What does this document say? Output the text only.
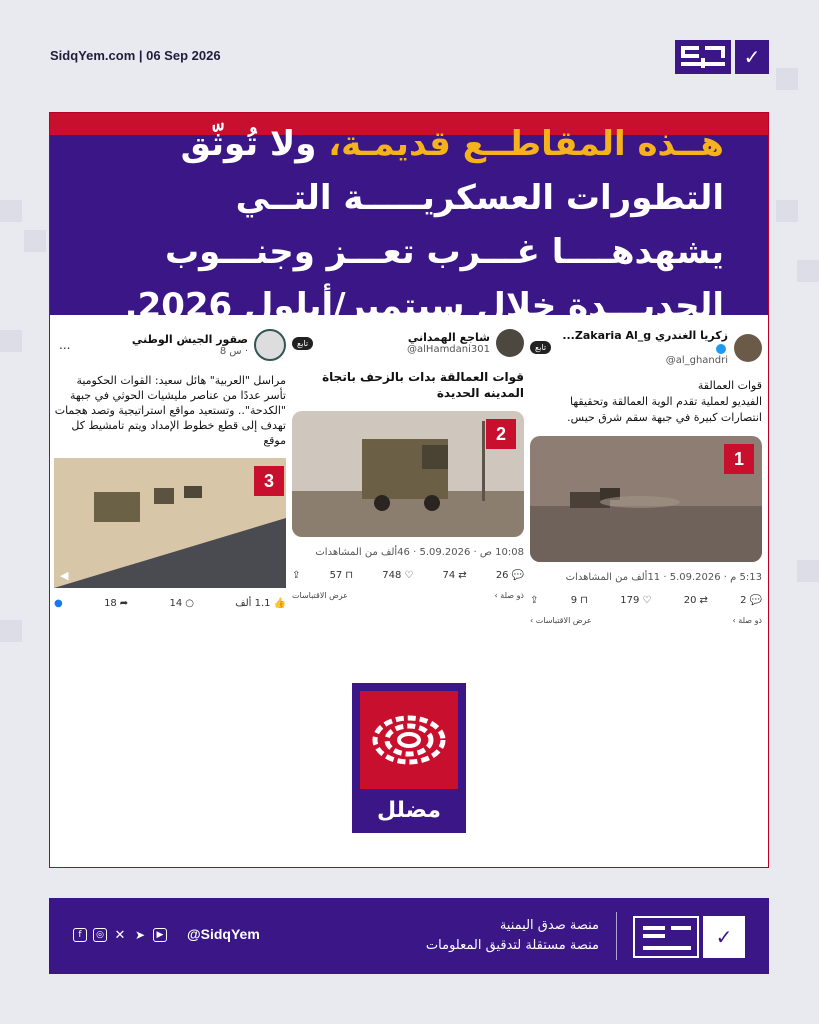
SidqYem.com | 06 Sep 2026	✓
هــذه المقاطــع قديمـة، ولا تُوثّق التطورات العسكريـــــة التــي يشهدهــــا غـــرب تعـــز وجنـــوب الحديـــدة خلال سبتمبر/أيلول 2026.
زكريا الغندري Zakaria Al_g...
@al_ghandri
تابع
قوات العمالقة
الفيديو لعملية تقدم الوية العمالقة وتحقيقها انتصارات كبيرة في جبهة سقم شرق حيس.
1
5:13 م · 5.09.2026 · 11ألف من المشاهدات
💬
2
⇄
20
♡
179
⊓
9
⇪
ذو صلة ›
عرض الاقتباسات ›
شاجع الهمداني
@alHamdani301
تابع
قوات العمالقة بدات بالزحف باتجاة المدينه الحديدة
2
10:08 ص · 5.09.2026 · 46ألف من المشاهدات
💬
26
⇄
74
♡
748
⊓
57
⇪
ذو صلة ›
عرض الاقتباسات
صقور الجيش الوطني
8 س ·
...
مراسل "العربية" هائل سعيد: القوات الحكومية تأسر عددًا من عناصر مليشيات الحوثي في جبهة "الكدحة".. وتستعيد مواقع استراتيجية وتصد هجمات تهدف إلى قطع خطوط الإمداد ويتم تامشيط كل موقع
3
◀
👍
1.1 ألف
○
14
➦
18
●
مضلل
f	◎ ✕ ➤	▶ @SidqYem
منصة صدق اليمنية
منصة مستقلة لتدقيق المعلومات	✓
